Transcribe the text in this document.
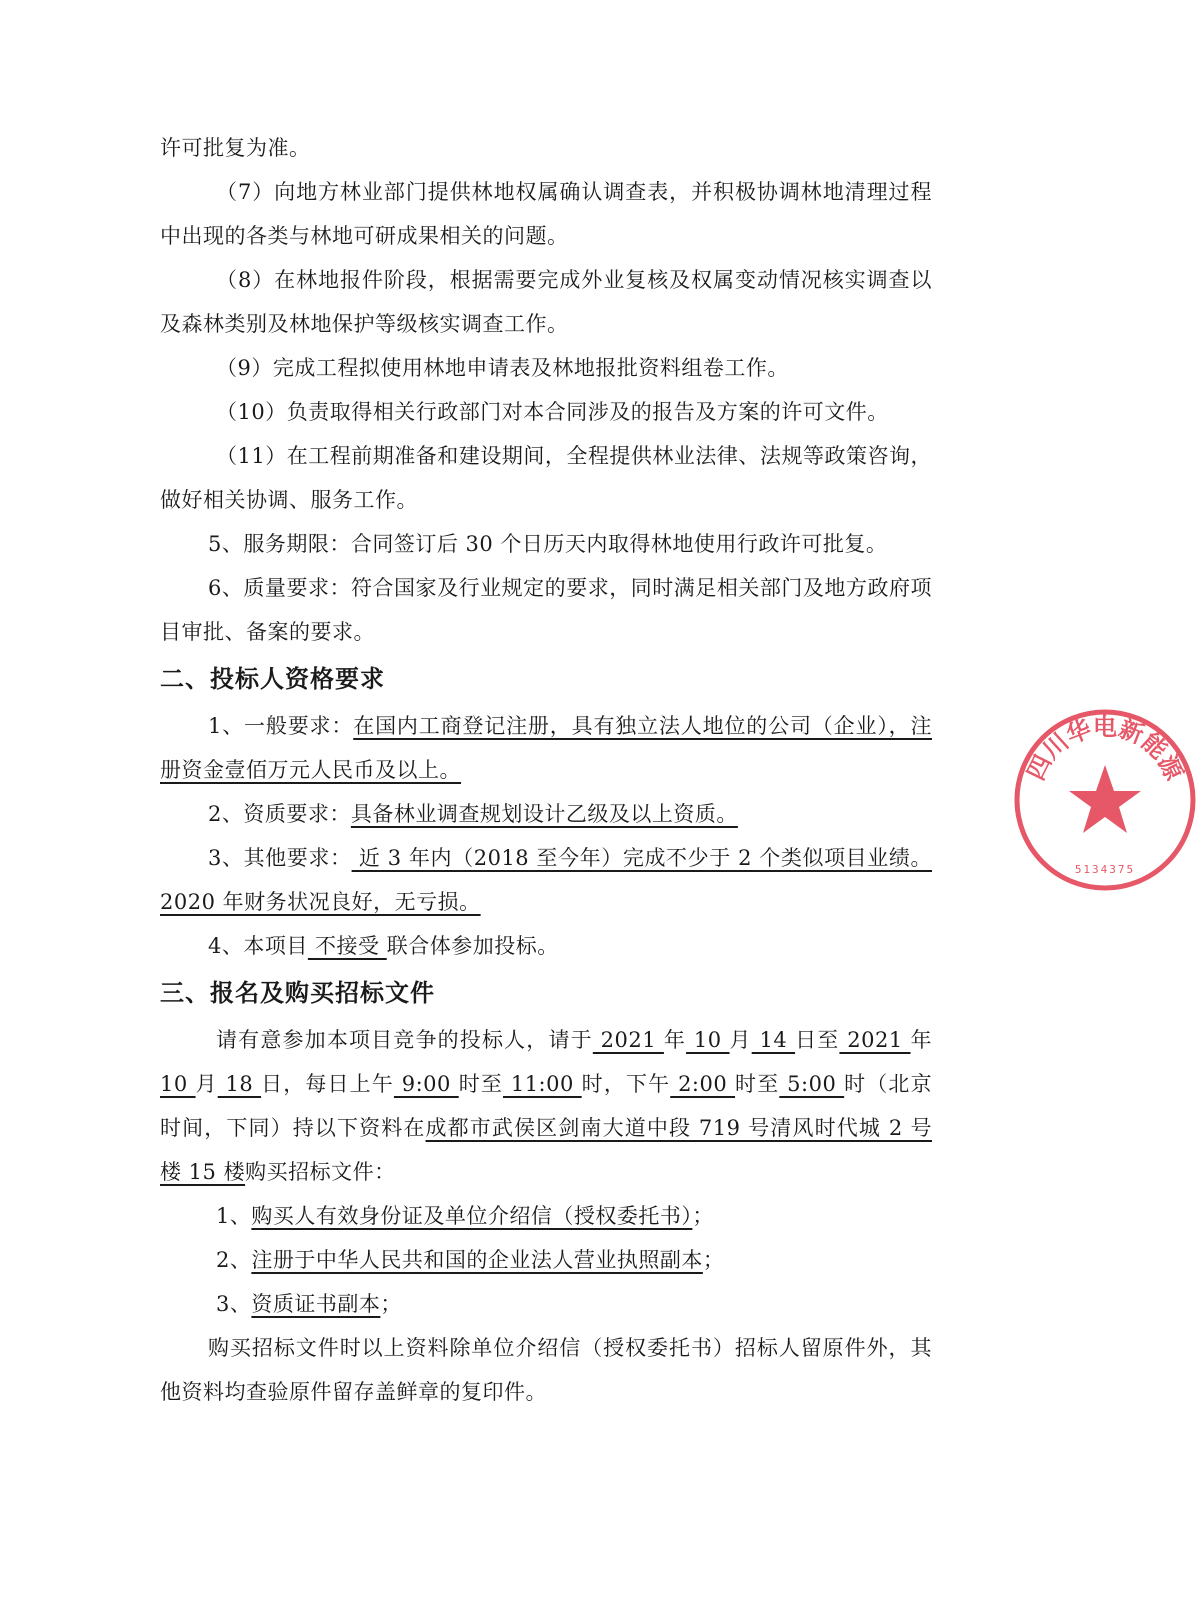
许可批复为准。

（7）向地方林业部门提供林地权属确认调查表，并积极协调林地清理过程中出现的各类与林地可研成果相关的问题。

（8）在林地报件阶段，根据需要完成外业复核及权属变动情况核实调查以及森林类别及林地保护等级核实调查工作。

（9）完成工程拟使用林地申请表及林地报批资料组卷工作。

（10）负责取得相关行政部门对本合同涉及的报告及方案的许可文件。

（11）在工程前期准备和建设期间，全程提供林业法律、法规等政策咨询，做好相关协调、服务工作。

5、服务期限：合同签订后 30 个日历天内取得林地使用行政许可批复。

6、质量要求：符合国家及行业规定的要求，同时满足相关部门及地方政府项目审批、备案的要求。

二、投标人资格要求

1、一般要求：在国内工商登记注册，具有独立法人地位的公司（企业），注册资金壹佰万元人民币及以上。

2、资质要求：具备林业调查规划设计乙级及以上资质。

3、其他要求： 近 3 年内（2018 至今年）完成不少于 2 个类似项目业绩。2020 年财务状况良好，无亏损。

4、本项目 不接受 联合体参加投标。

三、报名及购买招标文件

请有意参加本项目竞争的投标人，请于 2021 年 10 月 14 日至 2021 年 10 月 18 日，每日上午 9:00 时至 11:00 时，下午 2:00 时至 5:00 时（北京时间，下同）持以下资料在成都市武侯区剑南大道中段 719 号清风时代城 2 号楼 15 楼购买招标文件：

1、购买人有效身份证及单位介绍信（授权委托书）；

2、注册于中华人民共和国的企业法人营业执照副本；

3、资质证书副本；

购买招标文件时以上资料除单位介绍信（授权委托书）招标人留原件外，其他资料均查验原件留存盖鲜章的复印件。

四川华电新能源
5134375
